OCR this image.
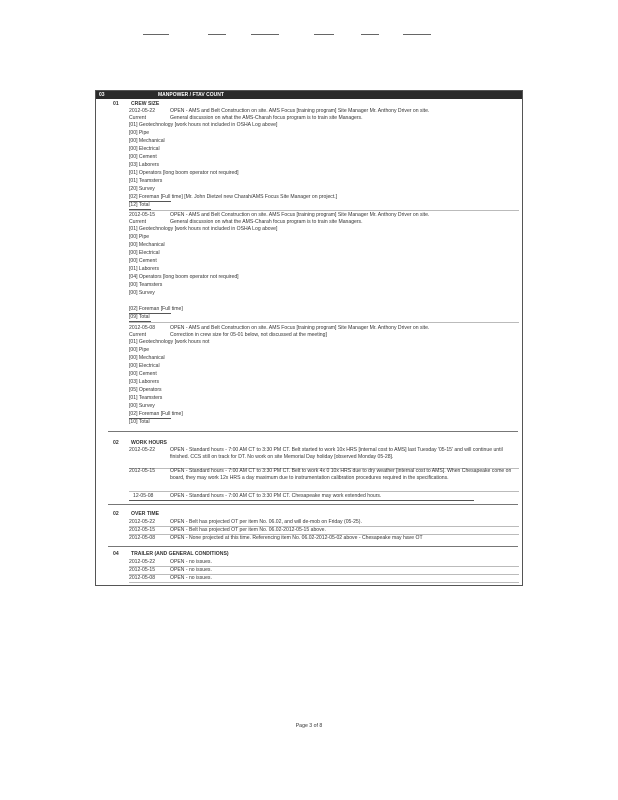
03	MANPOWER / FTAV COUNT
01 CREW SIZE
2012-05-22	OPEN - AMS and Belt Construction on site. AMS Focus [training program] Site Manager Mr. Anthony Driver on site.
Current	General discussion on what the AMS-Charah focus program is to train site Managers.
[01] Geotechnology [work hours not included in OSHA Log above]
[00] Pipe
[00] Mechanical
[00] Electrical
[00] Cement
[03] Laborers
[01] Operators [long boom operator not required]
[01] Teamsters
[20] Survey
[02] Foreman [Full time] [Mr. John Dietzel new Charah/AMS Focus Site Manager on project.]
[12] Total
2012-05-15	OPEN - AMS and Belt Construction on site. AMS Focus [training program] Site Manager Mr. Anthony Driver on site.
Current	General discussion on what the AMS-Charah focus program is to train site Managers.
[01] Geotechnology [work hours not included in OSHA Log above]
[00] Pipe
[00] Mechanical
[00] Electrical
[00] Cement
[01] Laborers
[04] Operators [long boom operator not required]
[00] Teamsters
[00] Survey
[02] Foreman [Full time]
[09] Total
2012-05-08	OPEN - AMS and Belt Construction on site. AMS Focus [training program] Site Manager Mr. Anthony Driver on site.
Current	Correction in crew size for 05-01 below, not discussed at the meeting]
[01] Geotechnology [work hours not
[00] Pipe
[00] Mechanical
[00] Electrical
[00] Cement
[03] Laborers
[05] Operators
[01] Teamsters
[00] Survey
[02] Foreman [Full time]
[10] Total
02 WORK HOURS
2012-05-22	OPEN - Standard hours - 7:00 AM CT to 3:30 PM CT. Belt started to work 10x HRS [internal cost to AMS] last Tuesday '05-15' and will continue until finished. CCS still on track for DT. No work on site Memorial Day holiday [observed Monday 05-28].
2012-05-15	OPEN - Standard hours - 7:00 AM CT to 3:30 PM CT. Belt to work 4x 0 10x HRS due to dry weather [internal cost to AMS]. When Chesapeake come on board, they may work 12x HRS a day maximum due to instrumentation calibration procedures required in the specifications.
12-05-08	OPEN - Standard hours - 7:00 AM CT to 3:30 PM CT. Chesapeake may work extended hours.
02 OVER TIME
2012-05-22	OPEN - Belt has projected OT per item No. 06.02, and will de-mob on Friday (05-25).
2012-05-15	OPEN - Belt has projected OT per item No. 06.02-2012-05-15 above.
2012-05-08	OPEN - None projected at this time. Referencing item No. 06.02-2012-05-02 above - Chesapeake may have OT
04 TRAILER (AND GENERAL CONDITIONS)
2012-05-22	OPEN - no issues.
2012-05-15	OPEN - no issues.
2012-05-08	OPEN - no issues.
Page 3 of 8
